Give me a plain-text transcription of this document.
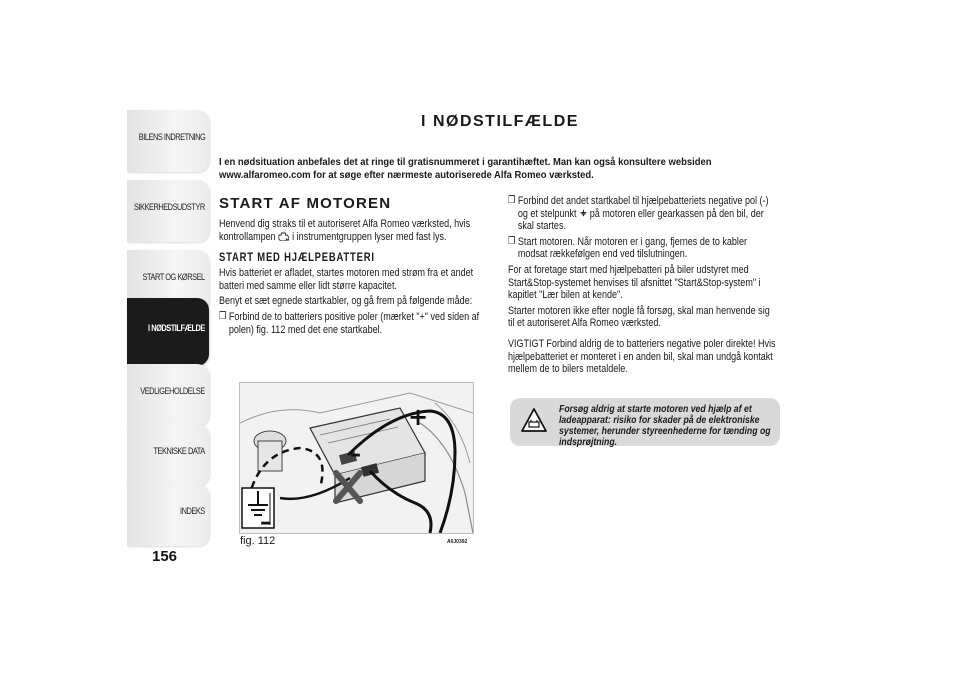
BILENS INDRETNING
SIKKERHEDSUDSTYR
START OG KØRSEL
I NØDSTILFÆLDE
VEDLIGEHOLDELSE
TEKNISKE DATA
INDEKS
156
I NØDSTILFÆLDE
I en nødsituation anbefales det at ringe til gratisnummeret i garantihæftet. Man kan også konsultere websiden www.alfaromeo.com for at søge efter nærmeste autoriserede Alfa Romeo værksted.
START AF MOTOREN

Henvend dig straks til et autoriseret Alfa Romeo værksted, hvis kontrollampen i instrumentgruppen lyser med fast lys.

START MED HJÆLPEBATTERI

Hvis batteriet er afladet, startes motoren med strøm fra et andet batteri med samme eller lidt større kapacitet.

Benyt et sæt egnede startkabler, og gå frem på følgende måde:

❒ Forbind de to batteriers positive poler (mærket "+" ved siden af polen) fig. 112 med det ene startkabel.

+
–
–
fig. 112	A0J0392

❒ Forbind det andet startkabel til hjælpebatteriets negative pol (-) og et stelpunkt på motoren eller gearkassen på den bil, der skal startes.

❒ Start motoren. Når motoren er i gang, fjernes de to kabler modsat rækkefølgen end ved tilslutningen.

For at foretage start med hjælpebatteri på biler udstyret med Start&Stop-systemet henvises til afsnittet "Start&Stop-system" i kapitlet "Lær bilen at kende".

Starter motoren ikke efter nogle få forsøg, skal man henvende sig til et autoriseret Alfa Romeo værksted.

VIGTIGT Forbind aldrig de to batteriers negative poler direkte! Hvis hjælpebatteriet er monteret i en anden bil, skal man undgå kontakt mellem de to bilers metaldele.

Forsøg aldrig at starte motoren ved hjælp af et ladeapparat: risiko for skader på de elektroniske systemer, herunder styreenhederne for tænding og indsprøjtning.
